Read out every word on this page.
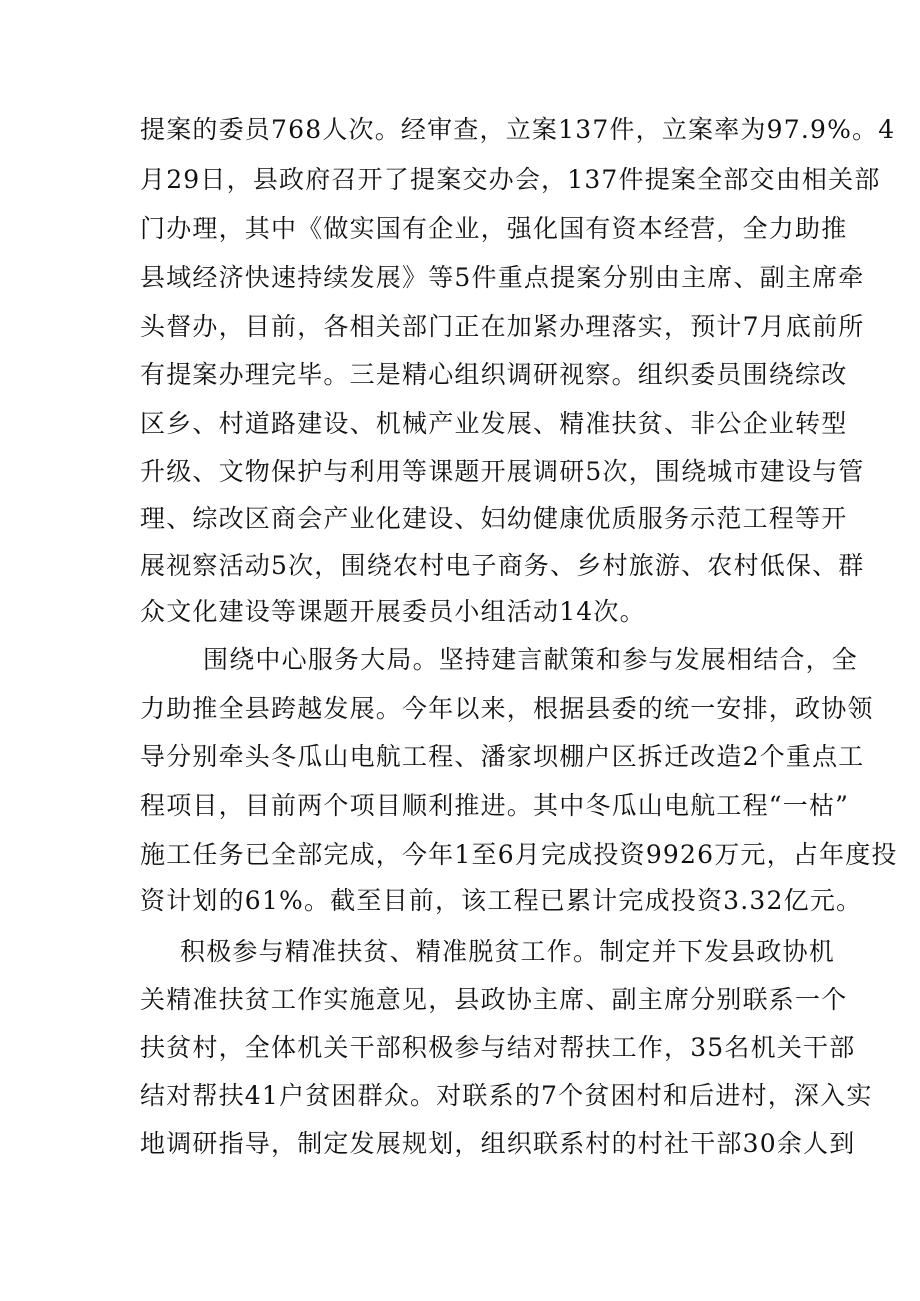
提案的委员768人次。经审查，立案137件，立案率为97.9%。4
月29日，县政府召开了提案交办会，137件提案全部交由相关部
门办理，其中《做实国有企业，强化国有资本经营，全力助推
县域经济快速持续发展》等5件重点提案分别由主席、副主席牵
头督办，目前，各相关部门正在加紧办理落实，预计7月底前所
有提案办理完毕。三是精心组织调研视察。组织委员围绕综改
区乡、村道路建设、机械产业发展、精准扶贫、非公企业转型
升级、文物保护与利用等课题开展调研5次，围绕城市建设与管
理、综改区商会产业化建设、妇幼健康优质服务示范工程等开
展视察活动5次，围绕农村电子商务、乡村旅游、农村低保、群
众文化建设等课题开展委员小组活动14次。
围绕中心服务大局。坚持建言献策和参与发展相结合，全
力助推全县跨越发展。今年以来，根据县委的统一安排，政协领
导分别牵头冬瓜山电航工程、潘家坝棚户区拆迁改造2个重点工
程项目，目前两个项目顺利推进。其中冬瓜山电航工程“一枯”
施工任务已全部完成，今年1至6月完成投资9926万元，占年度投
资计划的61%。截至目前，该工程已累计完成投资3.32亿元。
积极参与精准扶贫、精准脱贫工作。制定并下发县政协机
关精准扶贫工作实施意见，县政协主席、副主席分别联系一个
扶贫村，全体机关干部积极参与结对帮扶工作，35名机关干部
结对帮扶41户贫困群众。对联系的7个贫困村和后进村，深入实
地调研指导，制定发展规划，组织联系村的村社干部30余人到
